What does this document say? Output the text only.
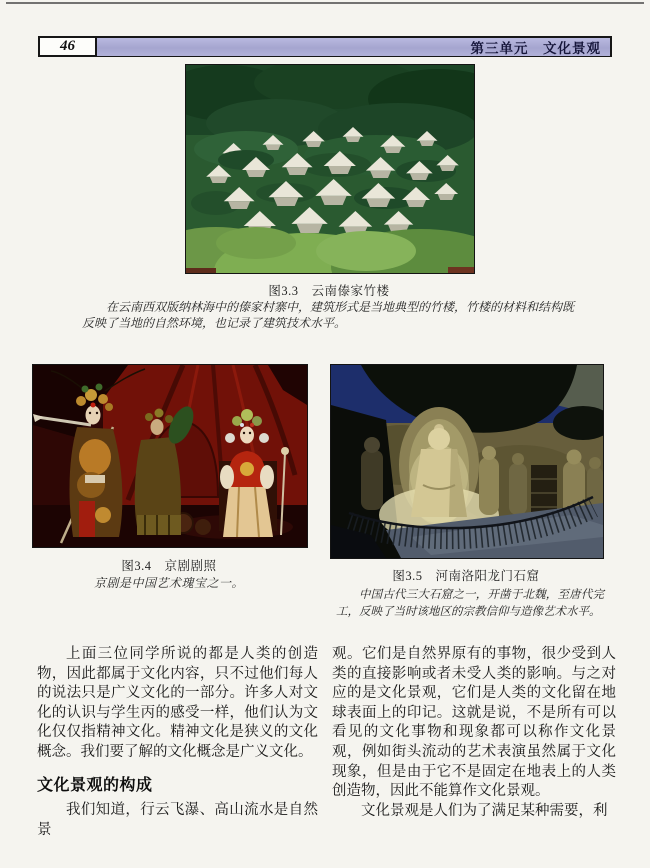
46	第三单元　文化景观
图3.3　云南傣家竹楼
在云南西双版纳林海中的傣家村寨中，建筑形式是当地典型的竹楼，竹楼的材料和结构既反映了当地的自然环境，也记录了建筑技术水平。
图3.4　京剧剧照
京剧是中国艺术瑰宝之一。	图3.5　河南洛阳龙门石窟
中国古代三大石窟之一，开凿于北魏，至唐代完工，反映了当时该地区的宗教信仰与造像艺术水平。

上面三位同学所说的都是人类的创造物，因此都属于文化内容，只不过他们每人的说法只是广义文化的一部分。许多人对文化的认识与学生丙的感受一样，他们认为文化仅仅指精神文化。精神文化是狭义的文化概念。我们要了解的文化概念是广义文化。

文化景观的构成

我们知道，行云飞瀑、高山流水是自然景

观。它们是自然界原有的事物，很少受到人类的直接影响或者未受人类的影响。与之对应的是文化景观，它们是人类的文化留在地球表面上的印记。这就是说，不是所有可以看见的文化事物和现象都可以称作文化景观，例如街头流动的艺术表演虽然属于文化现象，但是由于它不是固定在地表上的人类创造物，因此不能算作文化景观。

文化景观是人们为了满足某种需要，利
